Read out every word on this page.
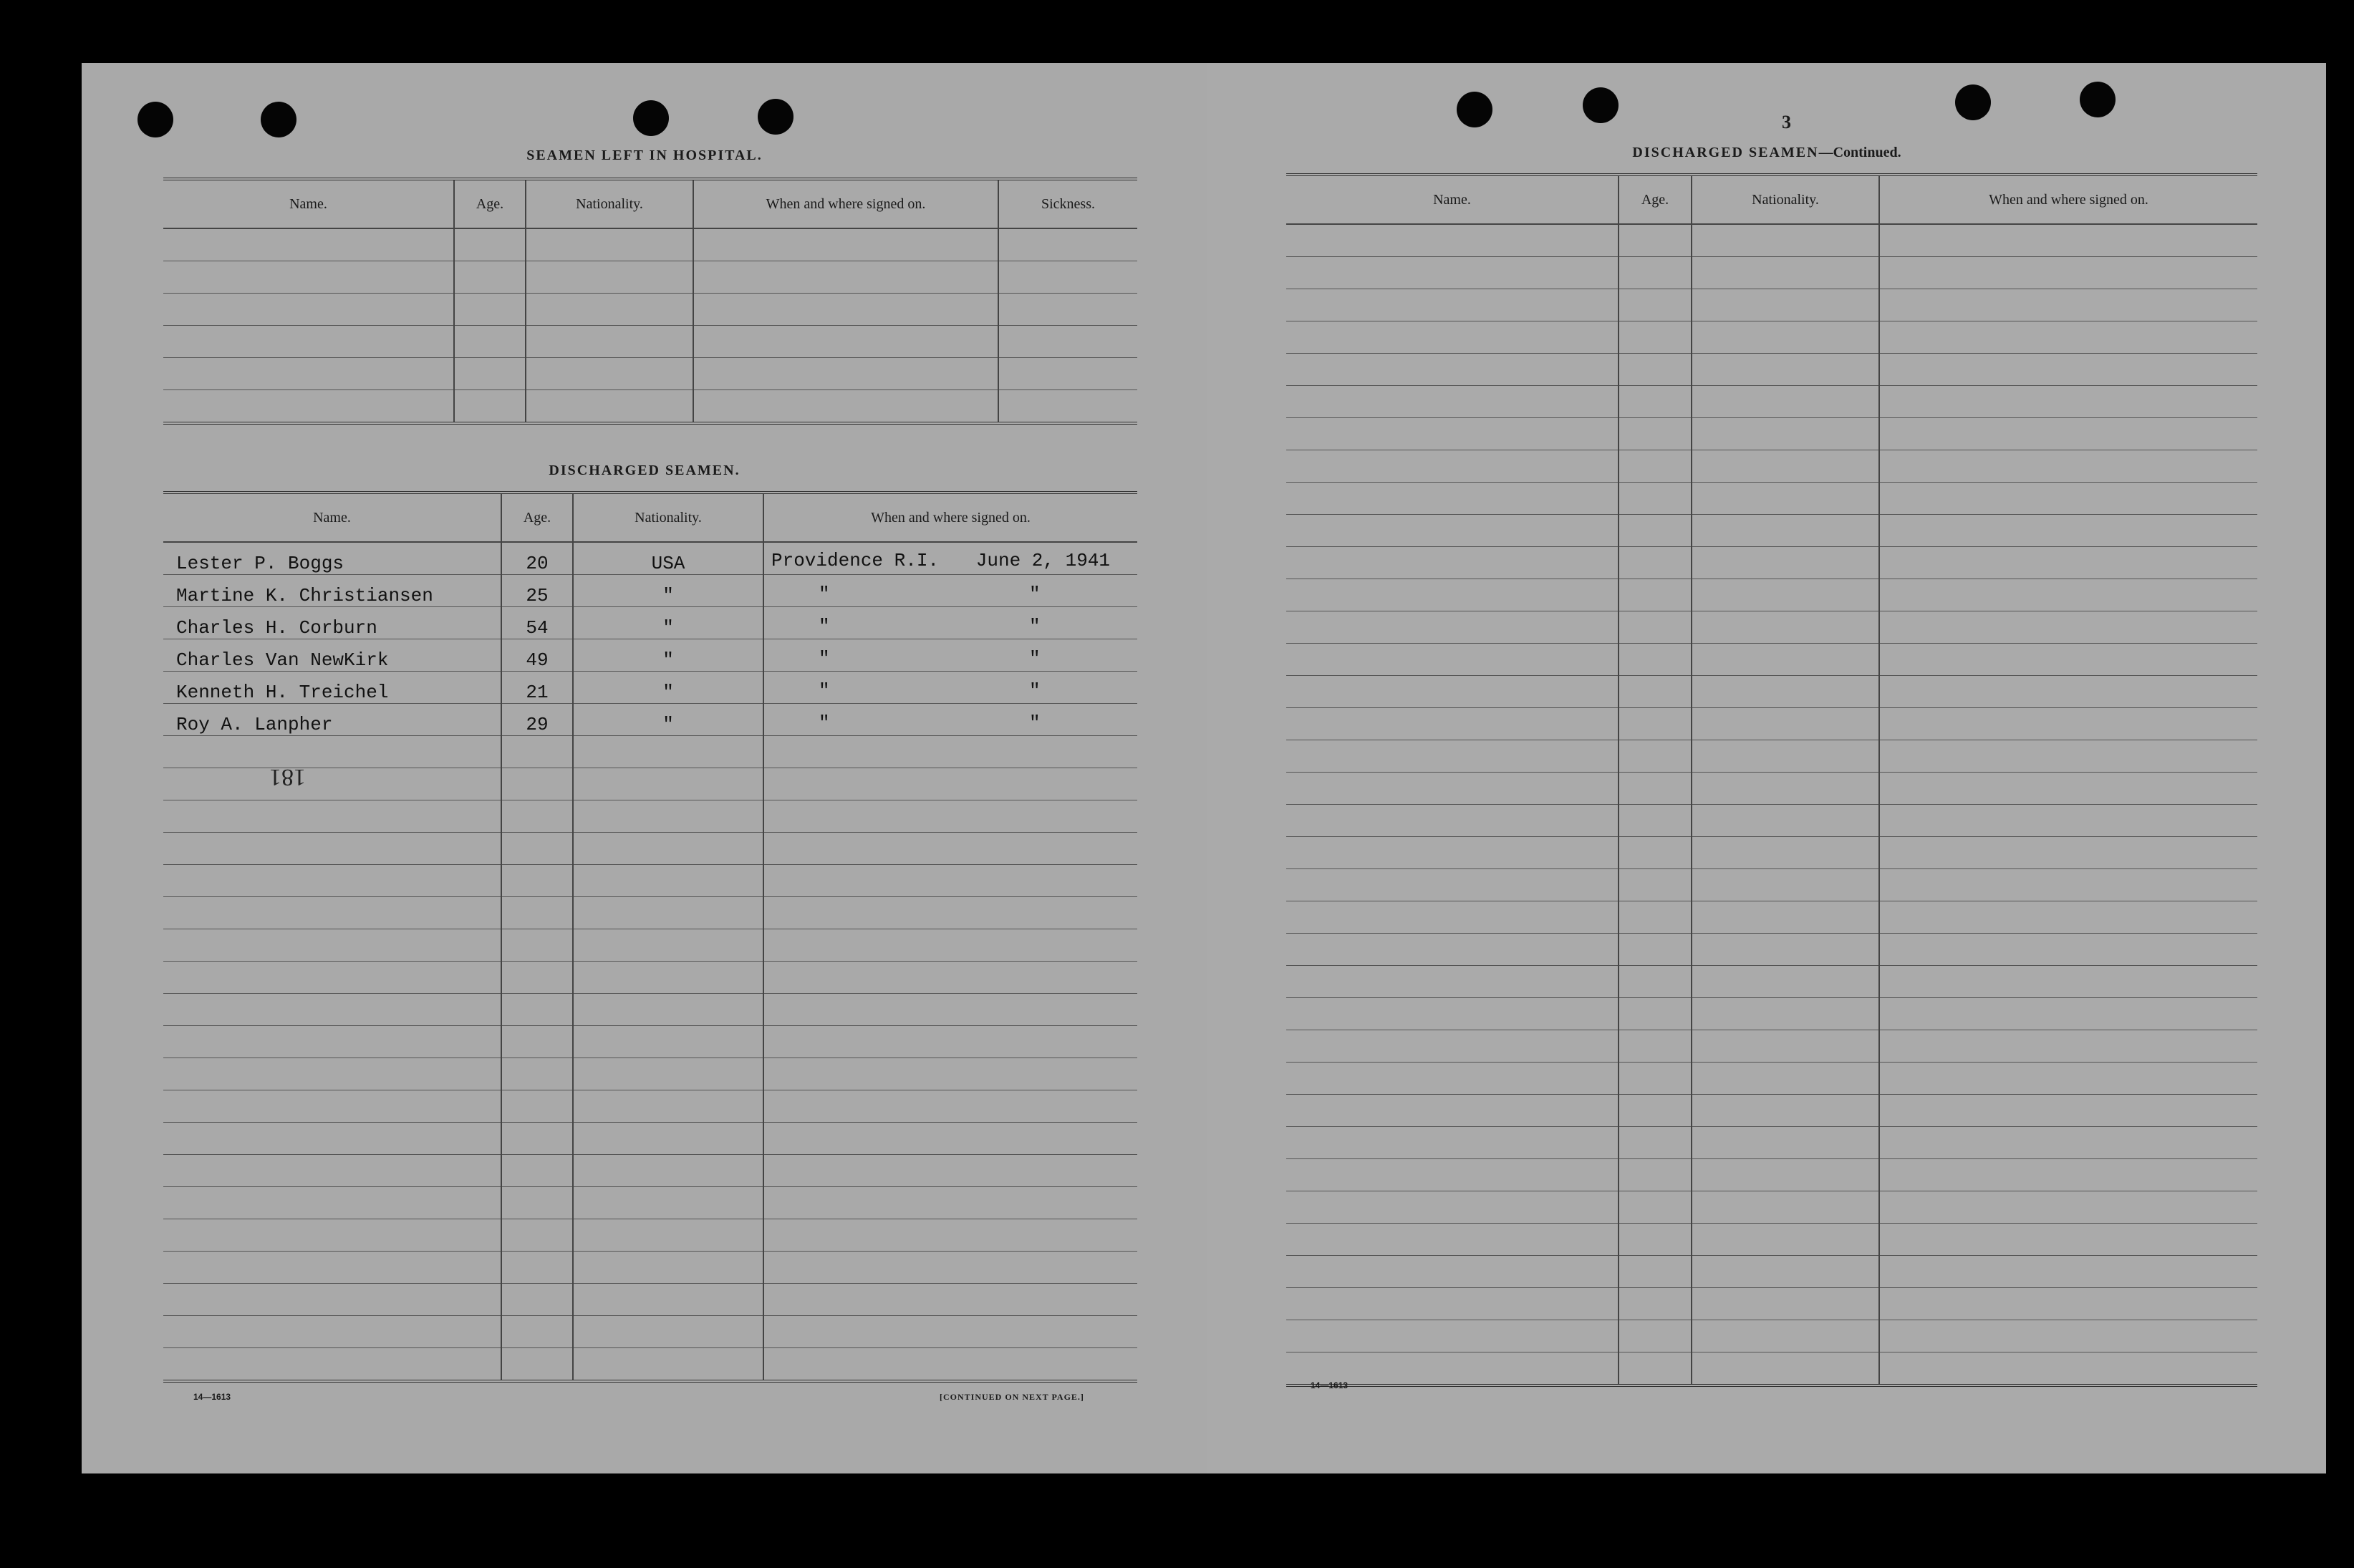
SEAMEN LEFT IN HOSPITAL.
Name.	Age.	Nationality.	When and where signed on.	Sickness.

DISCHARGED SEAMEN.
Name.	Age.	Nationality.	When and where signed on.
Lester P. Boggs	20	USA	Providence R.I. June 2, 1941

Martine K. Christiansen	25	"	" "

Charles H. Corburn	54	"	" "

Charles Van NewKirk	49	"	" "

Kenneth H. Treichel	21	"	" "

Roy A. Lanpher	29	"	" "

181
14—1613	[CONTINUED ON NEXT PAGE.]
3
DISCHARGED SEAMEN—Continued.
Name.	Age.	Nationality.	When and where signed on.

14—1613
